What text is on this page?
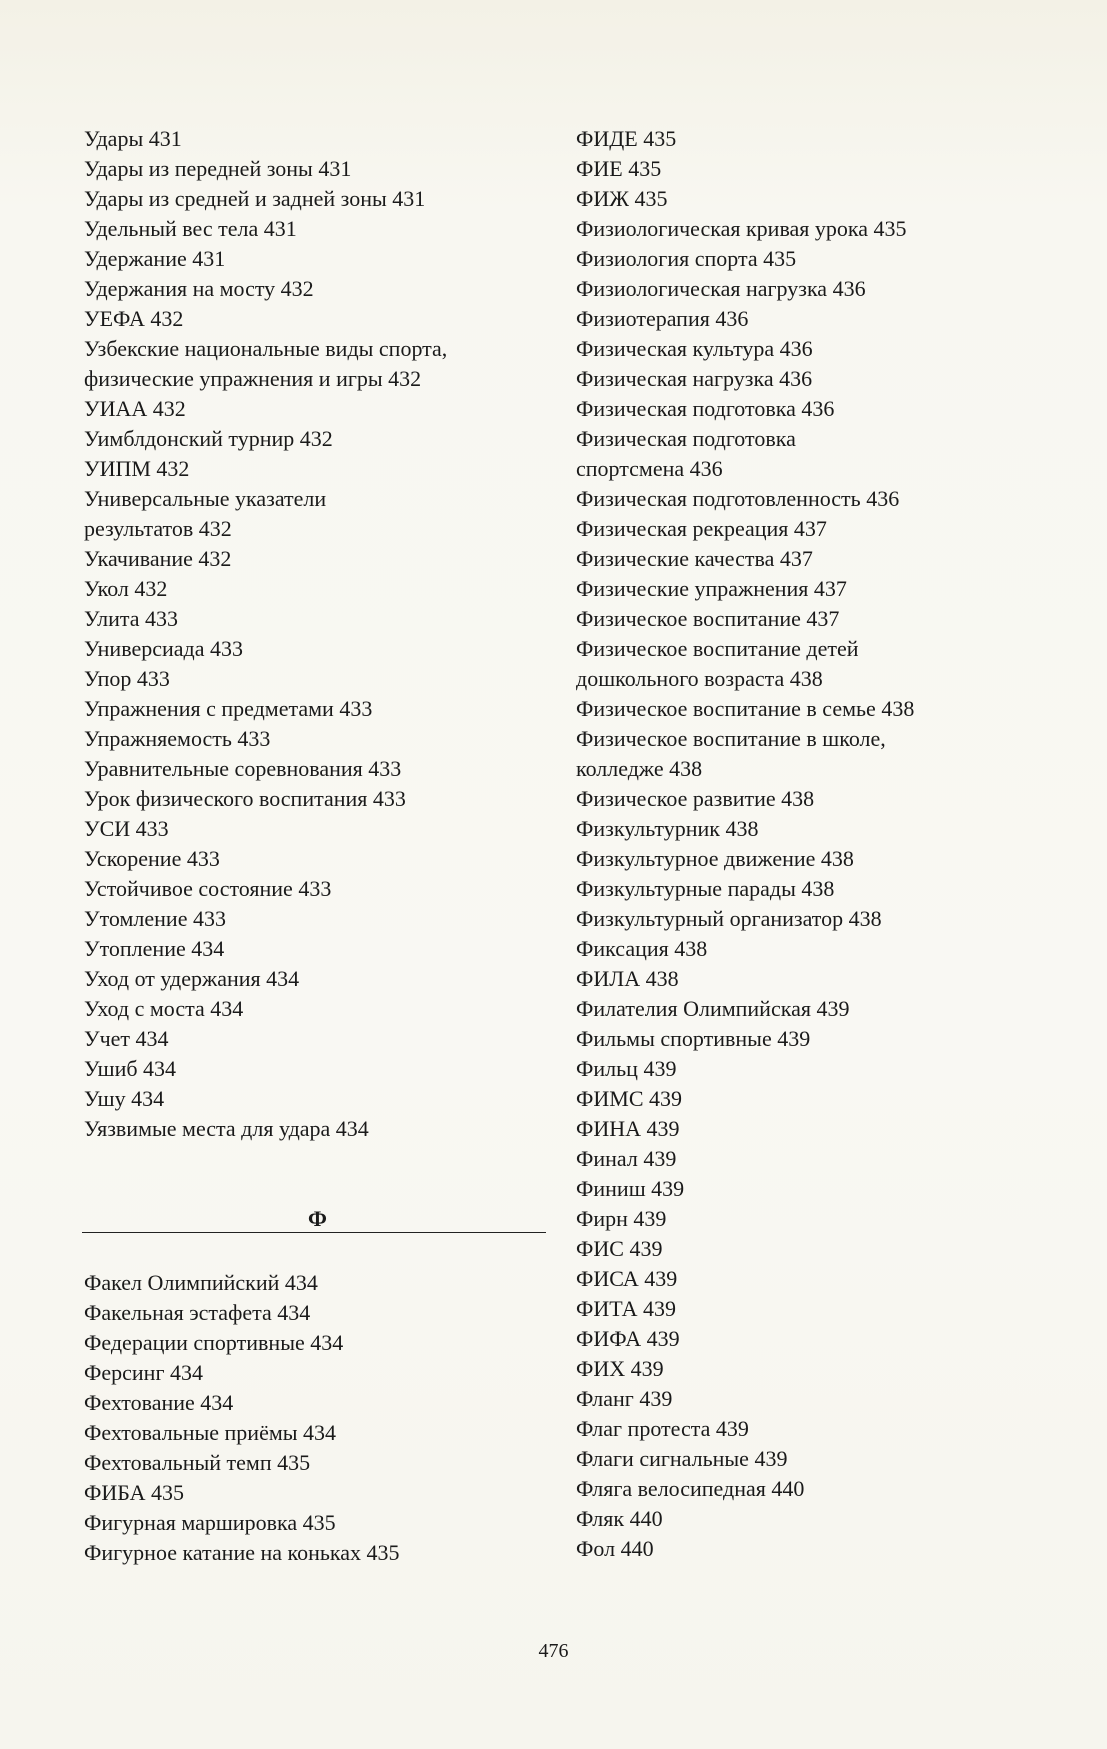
Удары 431
Удары из передней зоны 431
Удары из средней и задней зоны 431
Удельный вес тела 431
Удержание 431
Удержания на мосту 432
УЕФА 432
Узбекские национальные виды спорта,
физические упражнения и игры 432
УИАА 432
Уимблдонский турнир 432
УИПМ 432
Универсальные указатели
результатов 432
Укачивание 432
Укол 432
Улита 433
Универсиада 433
Упор 433
Упражнения с предметами 433
Упражняемость 433
Уравнительные соревнования 433
Урок физического воспитания 433
УСИ 433
Ускорение 433
Устойчивое состояние 433
Утомление 433
Утопление 434
Уход от удержания 434
Уход с моста 434
Учет 434
Ушиб 434
Ушу 434
Уязвимые места для удара 434
Ф
Факел Олимпийский 434
Факельная эстафета 434
Федерации спортивные 434
Ферсинг 434
Фехтование 434
Фехтовальные приёмы 434
Фехтовальный темп 435
ФИБА 435
Фигурная маршировка 435
Фигурное катание на коньках 435
ФИДЕ 435
ФИЕ 435
ФИЖ 435
Физиологическая кривая урока 435
Физиология спорта 435
Физиологическая нагрузка 436
Физиотерапия 436
Физическая культура 436
Физическая нагрузка 436
Физическая подготовка 436
Физическая подготовка
спортсмена 436
Физическая подготовленность 436
Физическая рекреация 437
Физические качества 437
Физические упражнения 437
Физическое воспитание 437
Физическое воспитание детей
дошкольного возраста 438
Физическое воспитание в семье 438
Физическое воспитание в школе,
колледже 438
Физическое развитие 438
Физкультурник 438
Физкультурное движение 438
Физкультурные парады 438
Физкультурный организатор 438
Фиксация 438
ФИЛА 438
Филателия Олимпийская 439
Фильмы спортивные 439
Фильц 439
ФИМС 439
ФИНА 439
Финал 439
Финиш 439
Фирн 439
ФИС 439
ФИСА 439
ФИТА 439
ФИФА 439
ФИХ 439
Фланг 439
Флаг протеста 439
Флаги сигнальные 439
Фляга велосипедная 440
Фляк 440
Фол 440
476
